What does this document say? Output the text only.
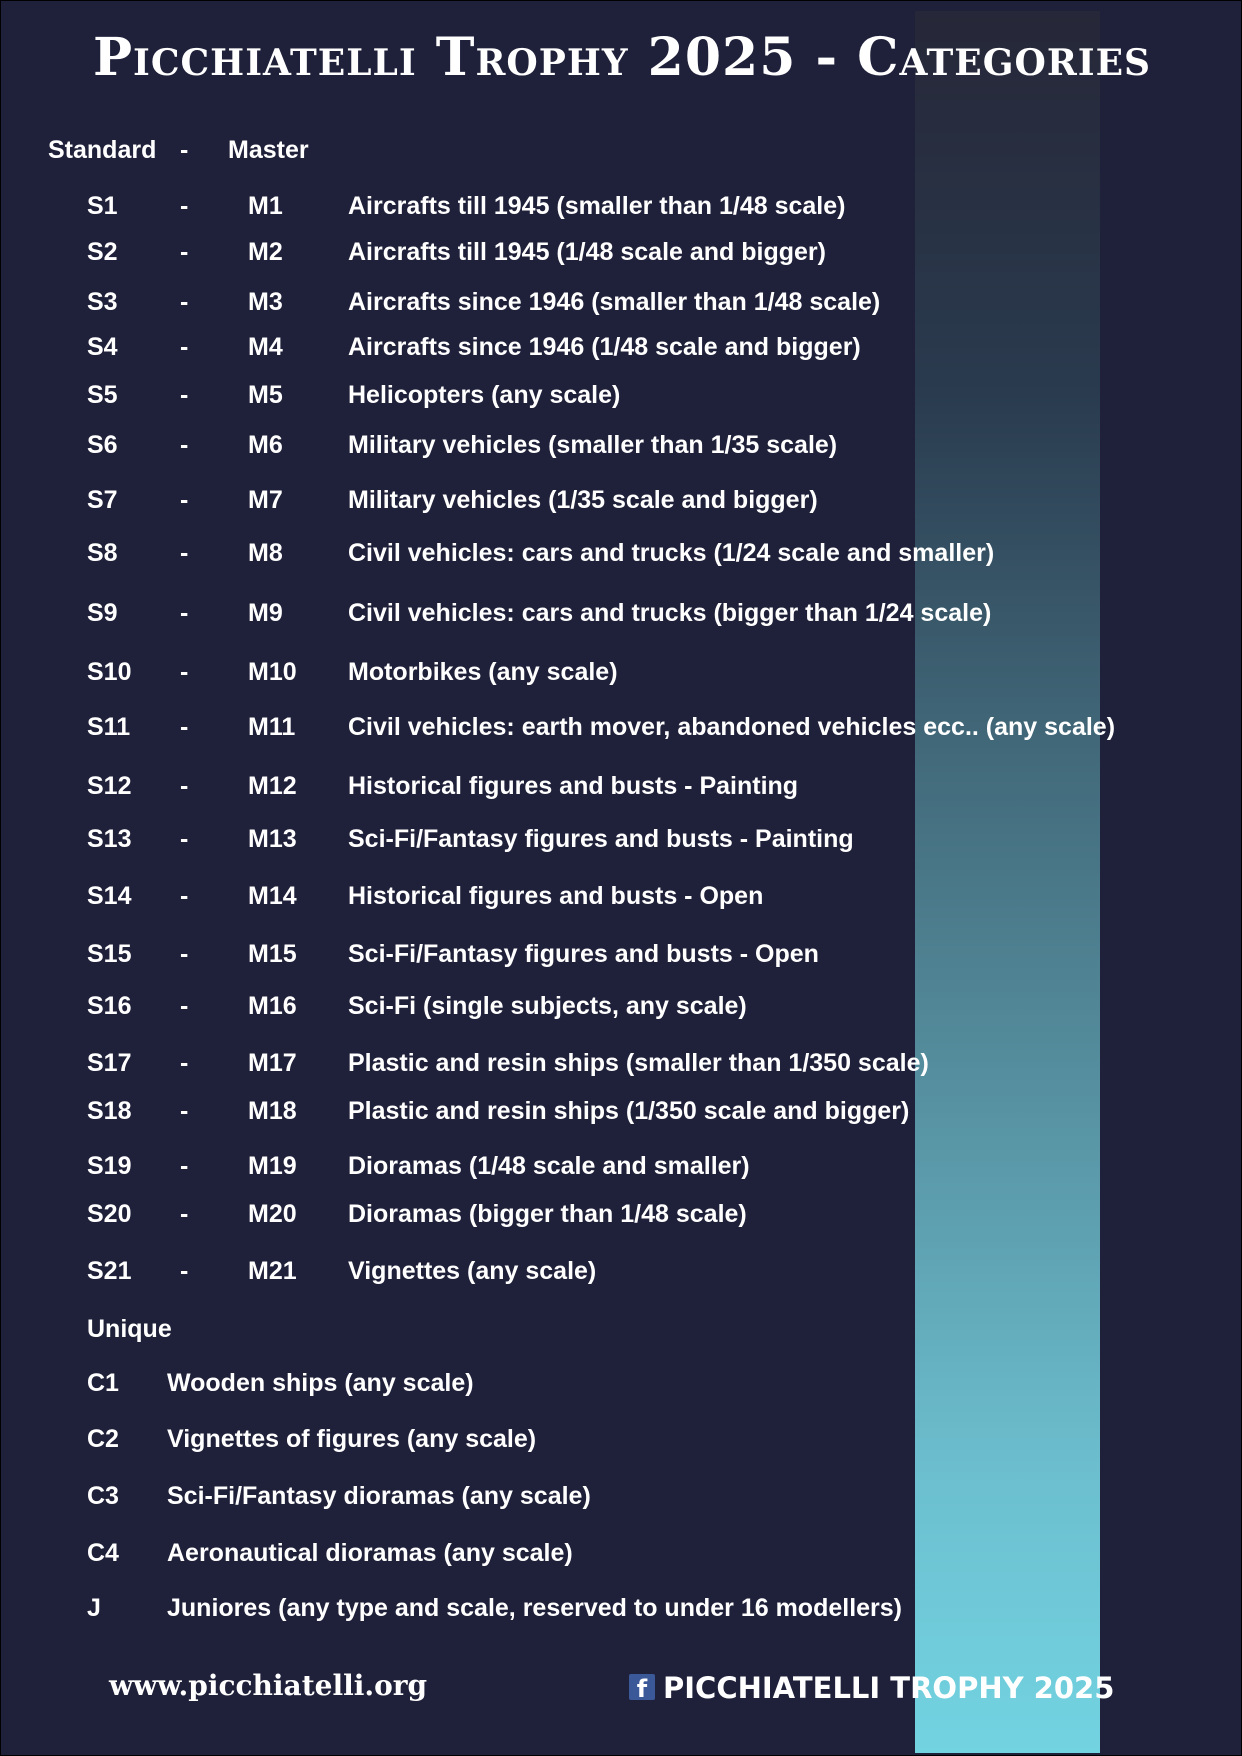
Picchiatelli Trophy 2025 - Categories
Standard - Master
S1 - M1	Aircrafts till 1945 (smaller than 1/48 scale)
S2 - M2	Aircrafts till 1945 (1/48 scale and bigger)
S3 - M3	Aircrafts since 1946 (smaller than 1/48 scale)
S4 - M4	Aircrafts since 1946 (1/48 scale and bigger)
S5 - M5	Helicopters (any scale)
S6 - M6	Military vehicles (smaller than 1/35 scale)
S7 - M7	Military vehicles (1/35 scale and bigger)
S8 - M8	Civil vehicles: cars and trucks (1/24 scale and smaller)
S9 - M9	Civil vehicles: cars and trucks (bigger than 1/24 scale)
S10 - M10 Motorbikes (any scale)
S11 - M11 Civil vehicles: earth mover, abandoned vehicles ecc.. (any scale)
S12 - M12 Historical figures and busts - Painting
S13 - M13 Sci-Fi/Fantasy figures and busts - Painting
S14 - M14 Historical figures and busts - Open
S15 - M15 Sci-Fi/Fantasy figures and busts - Open
S16 - M16 Sci-Fi (single subjects, any scale)
S17 - M17 Plastic and resin ships (smaller than 1/350 scale)
S18 - M18 Plastic and resin ships (1/350 scale and bigger)
S19 - M19 Dioramas (1/48 scale and smaller)
S20 - M20 Dioramas (bigger than 1/48 scale)
S21 - M21 Vignettes (any scale)
Unique
C1 Wooden ships (any scale)
C2 Vignettes of figures (any scale)
C3 Sci-Fi/Fantasy dioramas (any scale)
C4 Aeronautical dioramas (any scale)
J	Juniores (any type and scale, reserved to under 16 modellers)
www.picchiatelli.org	f PICCHIATELLI TROPHY 2025
